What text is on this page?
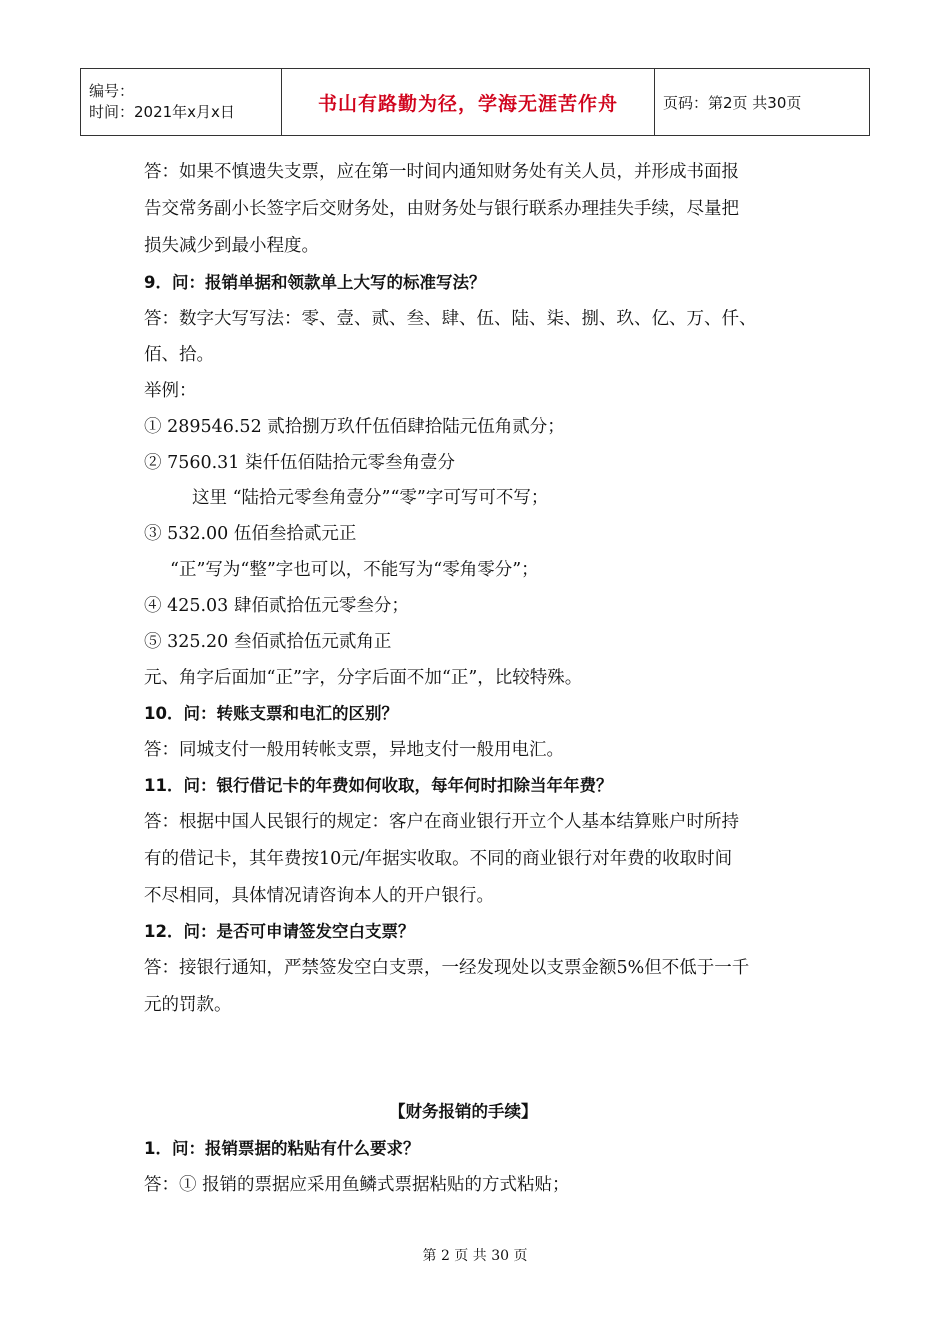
编号：
时间：2021年x月x日	书山有路勤为径，学海无涯苦作舟	页码：第2页 共30页
答：如果不慎遗失支票，应在第一时间内通知财务处有关人员，并形成书面报
告交常务副小长签字后交财务处，由财务处与银行联系办理挂失手续，尽量把
损失减少到最小程度。
9．问：报销单据和领款单上大写的标准写法？
答：数字大写写法：零、壹、贰、叁、肆、伍、陆、柒、捌、玖、亿、万、仟、
佰、拾。
举例：
① 289546.52 贰拾捌万玖仟伍佰肆拾陆元伍角贰分；
② 7560.31 柒仟伍佰陆拾元零叁角壹分
这里 “陆拾元零叁角壹分”“零”字可写可不写；
③ 532.00 伍佰叁拾贰元正
“正”写为“整”字也可以，不能写为“零角零分”；
④ 425.03 肆佰贰拾伍元零叁分；
⑤ 325.20 叁佰贰拾伍元贰角正
元、角字后面加“正”字，分字后面不加“正”，比较特殊。
10．问：转账支票和电汇的区别？
答：同城支付一般用转帐支票，异地支付一般用电汇。
11．问：银行借记卡的年费如何收取，每年何时扣除当年年费？
答：根据中国人民银行的规定：客户在商业银行开立个人基本结算账户时所持
有的借记卡，其年费按10元/年据实收取。不同的商业银行对年费的收取时间
不尽相同，具体情况请咨询本人的开户银行。
12．问：是否可申请签发空白支票？
答：接银行通知，严禁签发空白支票，一经发现处以支票金额5%但不低于一千
元的罚款。
【财务报销的手续】
1．问：报销票据的粘贴有什么要求？
答：① 报销的票据应采用鱼鳞式票据粘贴的方式粘贴；
第 2 页 共 30 页
